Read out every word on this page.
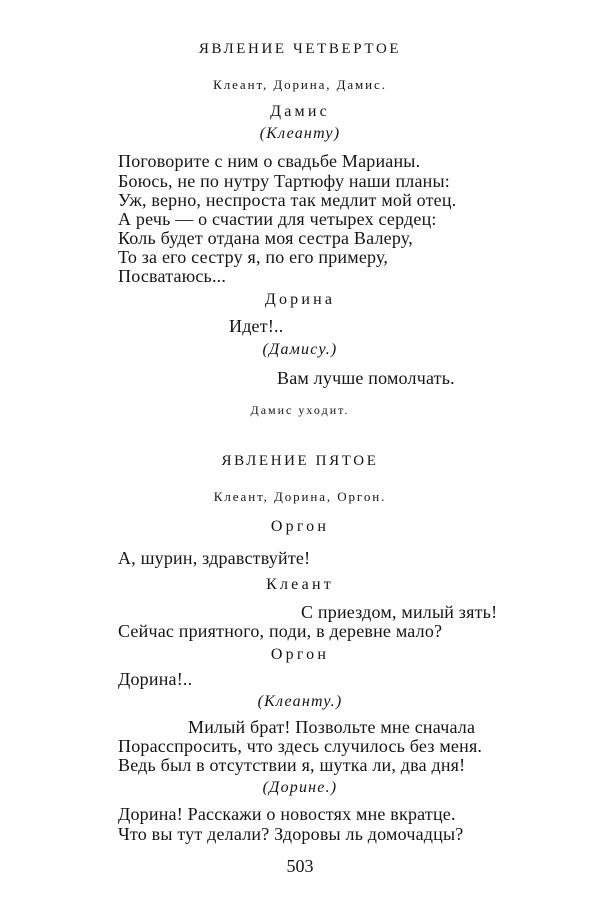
ЯВЛЕНИЕ ЧЕТВЕРТОЕ
Клеант, Дорина, Дамис.
Дамис
(Клеанту)
Поговорите с ним о свадьбе Марианы.
Боюсь, не по нутру Тартюфу наши планы:
Уж, верно, неспроста так медлит мой отец.
А речь — о счастии для четырех сердец:
Коль будет отдана моя сестра Валеру,
То за его сестру я, по его примеру,
Посватаюсь...
Дорина
Идет!..
(Дамису.)
Вам лучше помолчать.
Дамис уходит.
ЯВЛЕНИЕ ПЯТОЕ
Клеант, Дорина, Оргон.
Оргон
А, шурин, здравствуйте!
Клеант
С приездом, милый зять!
Сейчас приятного, поди, в деревне мало?
Оргон
Дорина!..
(Клеанту.)
Милый брат! Позвольте мне сначала
Порасспросить, что здесь случилось без меня.
Ведь был в отсутствии я, шутка ли, два дня!
(Дорине.)
Дорина! Расскажи о новостях мне вкратце.
Что вы тут делали? Здоровы ль домочадцы?
503
